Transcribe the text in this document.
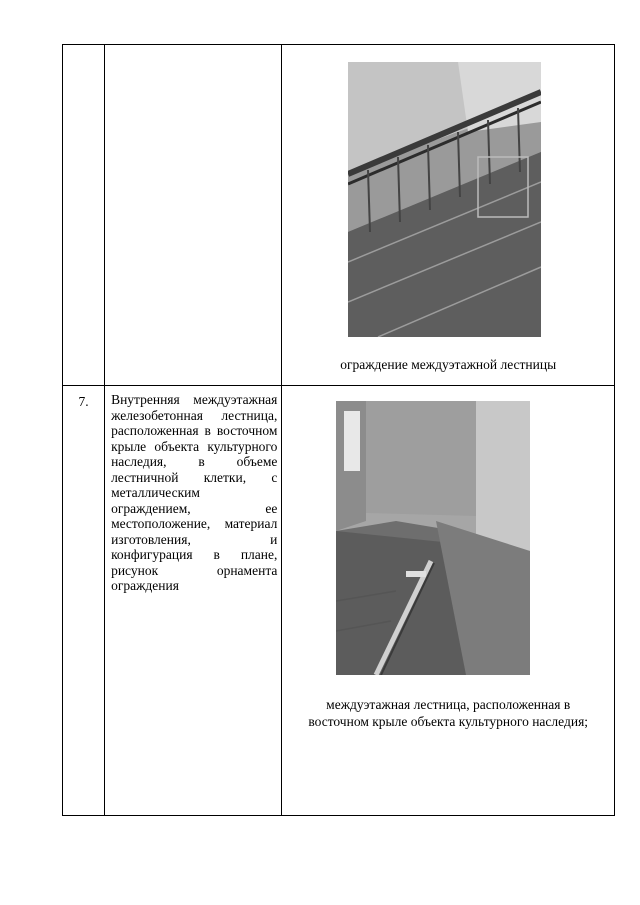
		ограждение междуэтажной лестницы

7.	Внутренняя междуэтажная железобетонная лестница, расположенная в восточном крыле объекта культурного наследия, в объеме лестничной клетки, с металлическим ограждением, ее местоположение, материал изготовления, и конфигурация в плане, рисунок орнамента ограждения	междуэтажная лестница, расположенная в
восточном крыле объекта культурного наследия;
